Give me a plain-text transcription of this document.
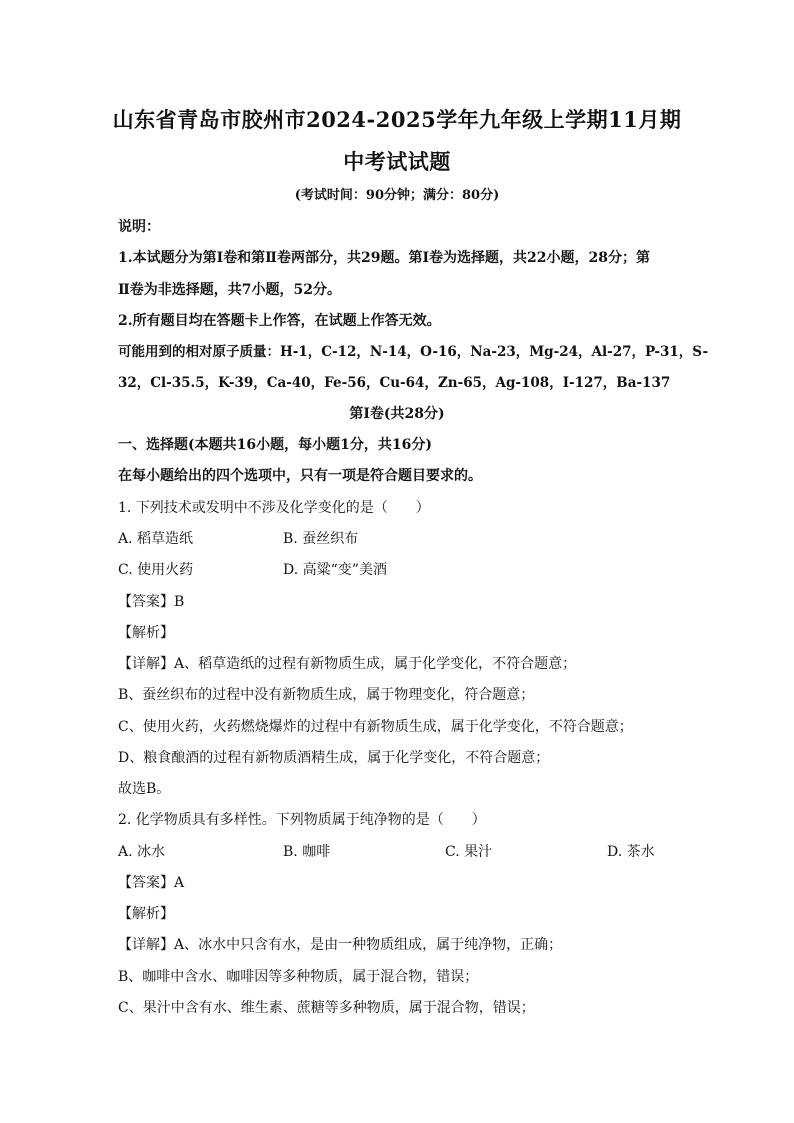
山东省青岛市胶州市2024-2025学年九年级上学期11月期
中考试试题
(考试时间：90分钟；满分：80分)
说明：
1.本试题分为第Ⅰ卷和第Ⅱ卷两部分，共29题。第Ⅰ卷为选择题，共22小题，28分；第
Ⅱ卷为非选择题，共7小题，52分。
2.所有题目均在答题卡上作答，在试题上作答无效。
可能用到的相对原子质量：H-1，C-12，N-14，O-16，Na-23，Mg-24，Al-27，P-31，S-
32，Cl-35.5，K-39，Ca-40，Fe-56，Cu-64，Zn-65，Ag-108，I-127，Ba-137
第Ⅰ卷(共28分)
一、选择题(本题共16小题，每小题1分，共16分)
在每小题给出的四个选项中，只有一项是符合题目要求的。
1. 下列技术或发明中不涉及化学变化的是（　　）
A. 稻草造纸	B. 蚕丝织布
C. 使用火药	D. 高粱“变”美酒
【答案】B
【解析】
【详解】A、稻草造纸的过程有新物质生成，属于化学变化，不符合题意；
B、蚕丝织布的过程中没有新物质生成，属于物理变化，符合题意；
C、使用火药，火药燃烧爆炸的过程中有新物质生成，属于化学变化，不符合题意；
D、粮食酿酒的过程有新物质酒精生成，属于化学变化，不符合题意；
故选B。
2. 化学物质具有多样性。下列物质属于纯净物的是（　　）
A. 冰水	B. 咖啡	C. 果汁	D. 茶水
【答案】A
【解析】
【详解】A、冰水中只含有水，是由一种物质组成，属于纯净物，正确；
B、咖啡中含水、咖啡因等多种物质，属于混合物，错误；
C、果汁中含有水、维生素、蔗糖等多种物质，属于混合物，错误；
